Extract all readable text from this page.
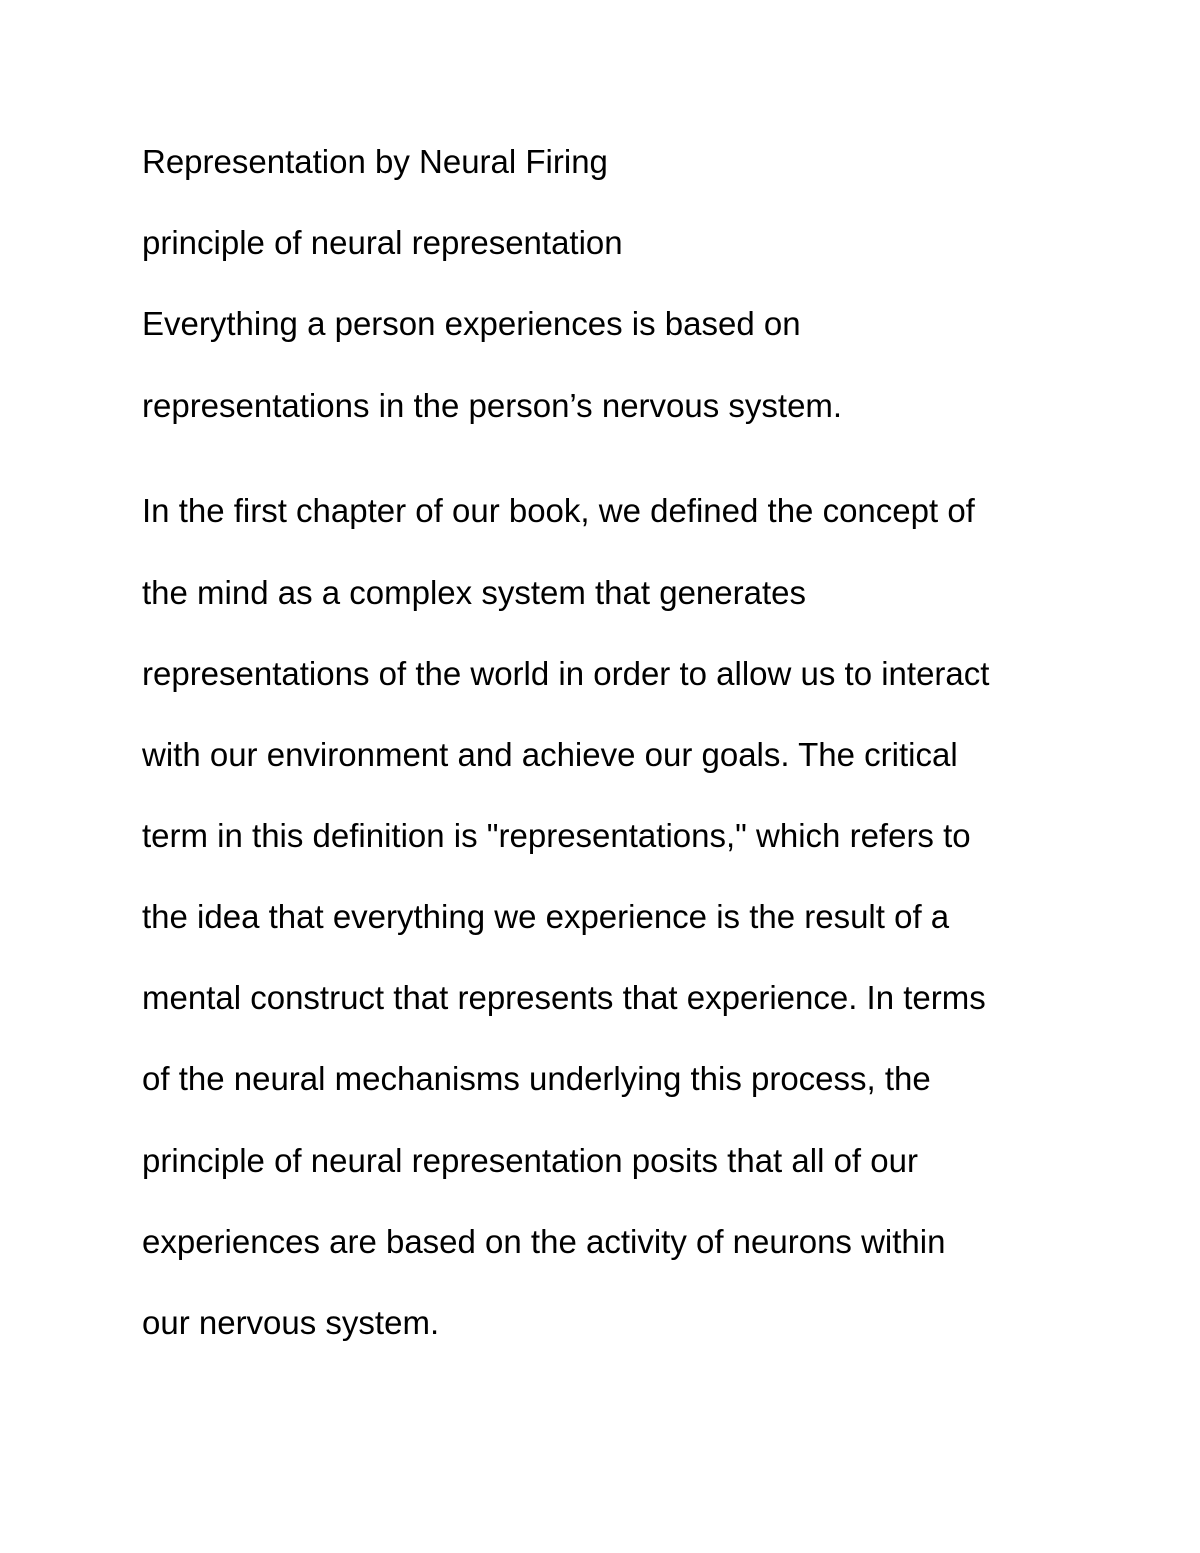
Representation by Neural Firing
principle of neural representation
Everything a person experiences is based on
representations in the person’s nervous system.
In the first chapter of our book, we defined the concept of
the mind as a complex system that generates
representations of the world in order to allow us to interact
with our environment and achieve our goals. The critical
term in this definition is "representations," which refers to
the idea that everything we experience is the result of a
mental construct that represents that experience. In terms
of the neural mechanisms underlying this process, the
principle of neural representation posits that all of our
experiences are based on the activity of neurons within
our nervous system.
